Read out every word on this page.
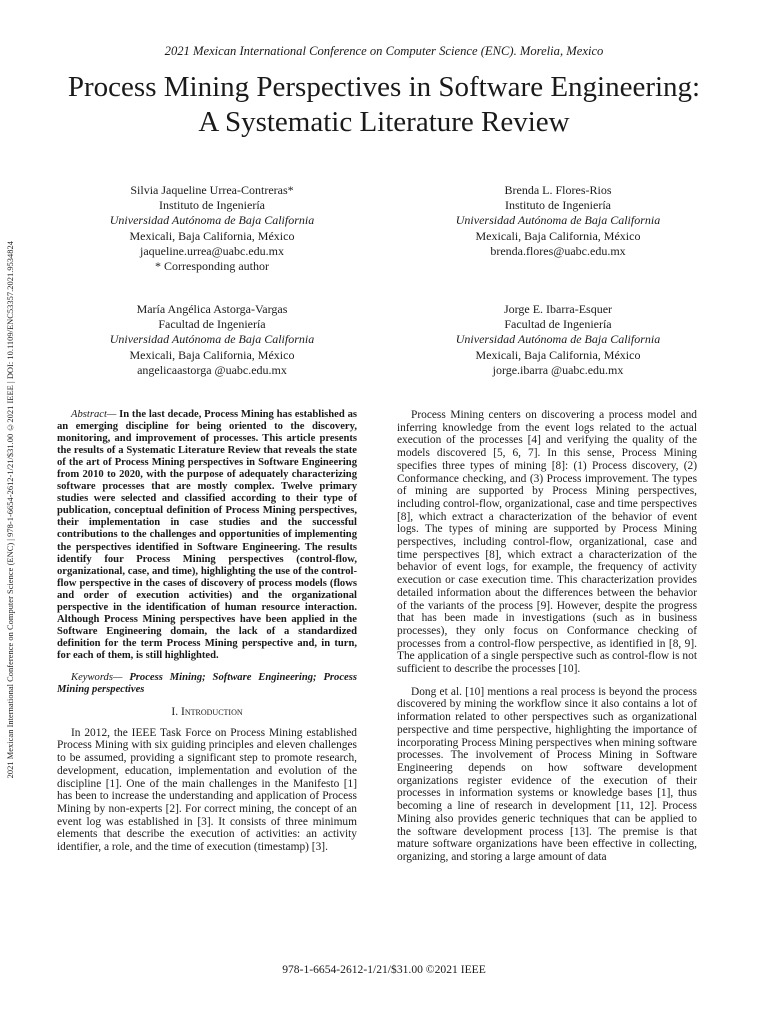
2021 Mexican International Conference on Computer Science (ENC) | 978-1-6654-2612-1/21/$31.00 ©2021 IEEE | DOI: 10.1109/ENC53357.2021.9534824
2021 Mexican International Conference on Computer Science (ENC). Morelia, Mexico
Process Mining Perspectives in Software Engineering: A Systematic Literature Review
Silvia Jaqueline Urrea-Contreras*
Instituto de Ingeniería
Universidad Autónoma de Baja California
Mexicali, Baja California, México
jaqueline.urrea@uabc.edu.mx
* Corresponding author
Brenda L. Flores-Rios
Instituto de Ingeniería
Universidad Autónoma de Baja California
Mexicali, Baja California, México
brenda.flores@uabc.edu.mx
María Angélica Astorga-Vargas
Facultad de Ingeniería
Universidad Autónoma de Baja California
Mexicali, Baja California, México
angelicaastorga @uabc.edu.mx
Jorge E. Ibarra-Esquer
Facultad de Ingeniería
Universidad Autónoma de Baja California
Mexicali, Baja California, México
jorge.ibarra @uabc.edu.mx

Abstract— In the last decade, Process Mining has established as an emerging discipline for being oriented to the discovery, monitoring, and improvement of processes. This article presents the results of a Systematic Literature Review that reveals the state of the art of Process Mining perspectives in Software Engineering from 2010 to 2020, with the purpose of adequately characterizing software processes that are mostly complex. Twelve primary studies were selected and classified according to their type of publication, conceptual definition of Process Mining perspectives, their implementation in case studies and the successful contributions to the challenges and opportunities of implementing the perspectives identified in Software Engineering. The results identify four Process Mining perspectives (control-flow, organizational, case, and time), highlighting the use of the control-flow perspective in the cases of discovery of process models (flows and order of execution activities) and the organizational perspective in the identification of human resource interaction. Although Process Mining perspectives have been applied in the Software Engineering domain, the lack of a standardized definition for the term Process Mining perspective and, in turn, for each of them, is still highlighted.

Keywords— Process Mining; Software Engineering; Process Mining perspectives

I. Introduction

In 2012, the IEEE Task Force on Process Mining established Process Mining with six guiding principles and eleven challenges to be assumed, providing a significant step to promote research, development, education, implementation and evolution of the discipline [1]. One of the main challenges in the Manifesto [1] has been to increase the understanding and application of Process Mining by non-experts [2]. For correct mining, the concept of an event log was established in [3]. It consists of three minimum elements that describe the execution of activities: an activity identifier, a role, and the time of execution (timestamp) [3].

Process Mining centers on discovering a process model and inferring knowledge from the event logs related to the actual execution of the processes [4] and verifying the quality of the models discovered [5, 6, 7]. In this sense, Process Mining specifies three types of mining [8]: (1) Process discovery, (2) Conformance checking, and (3) Process improvement. The types of mining are supported by Process Mining perspectives, including control-flow, organizational, case and time perspectives [8], which extract a characterization of the behavior of event logs. The types of mining are supported by Process Mining perspectives, including control-flow, organizational, case and time perspectives [8], which extract a characterization of the behavior of event logs, for example, the frequency of activity execution or case execution time. This characterization provides detailed information about the differences between the behavior of the variants of the process [9]. However, despite the progress that has been made in investigations (such as in business processes), they only focus on Conformance checking of processes from a control-flow perspective, as identified in [8, 9]. The application of a single perspective such as control-flow is not sufficient to describe the processes [10].

Dong et al. [10] mentions a real process is beyond the process discovered by mining the workflow since it also contains a lot of information related to other perspectives such as organizational perspective and time perspective, highlighting the importance of incorporating Process Mining perspectives when mining software processes. The involvement of Process Mining in Software Engineering depends on how software development organizations register evidence of the execution of their processes in information systems or knowledge bases [1], thus becoming a line of research in development [11, 12]. Process Mining also provides generic techniques that can be applied to the software development process [13]. The premise is that mature software organizations have been effective in collecting, organizing, and storing a large amount of data

978-1-6654-2612-1/21/$31.00 ©2021 IEEE
